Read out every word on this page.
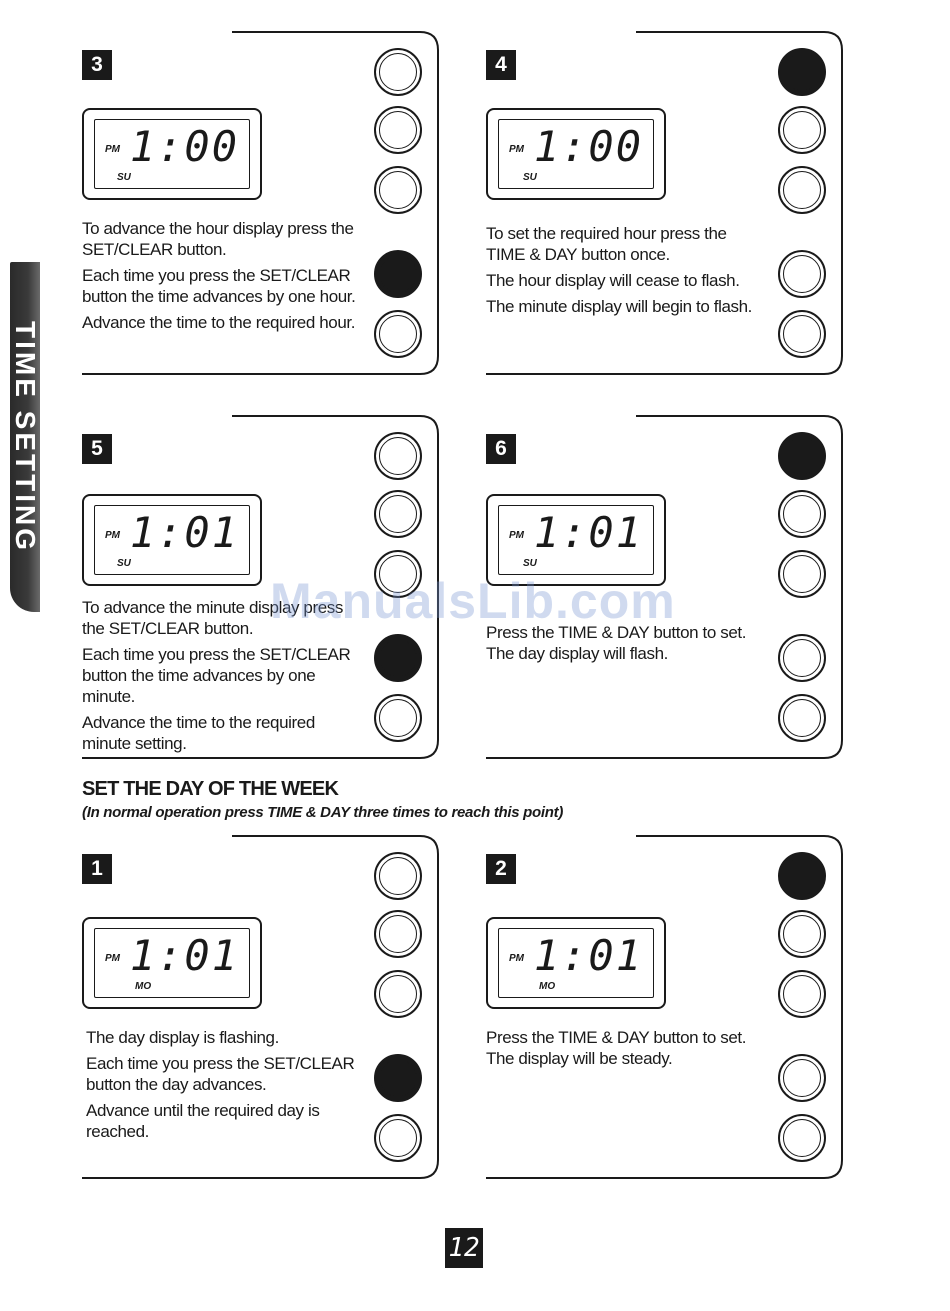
TIME SETTING
3
PM 1:00
SU

To advance the hour display press the SET/CLEAR button.

Each time you press the SET/CLEAR button the time advances by one hour.

Advance the time to the required hour.

4
PM 1:00
SU

To set the required hour press the TIME & DAY button once.

The hour display will cease to flash.

The minute display will begin to flash.

5
PM 1:01
SU

To advance the minute display press the SET/CLEAR button.

Each time you press the SET/CLEAR button the time advances by one minute.

Advance the time to the required minute setting.

6
PM 1:01
SU

Press the TIME & DAY button to set. The day display will flash.

1
PM 1:01
MO

The day display is flashing.

Each time you press the SET/CLEAR button the day advances.

Advance until the required day is reached.

2
PM 1:01
MO

Press the TIME & DAY button to set. The display will be steady.

SET THE DAY OF THE WEEK
(In normal operation press TIME & DAY three times to reach this point)
ManualsLib.com
12
